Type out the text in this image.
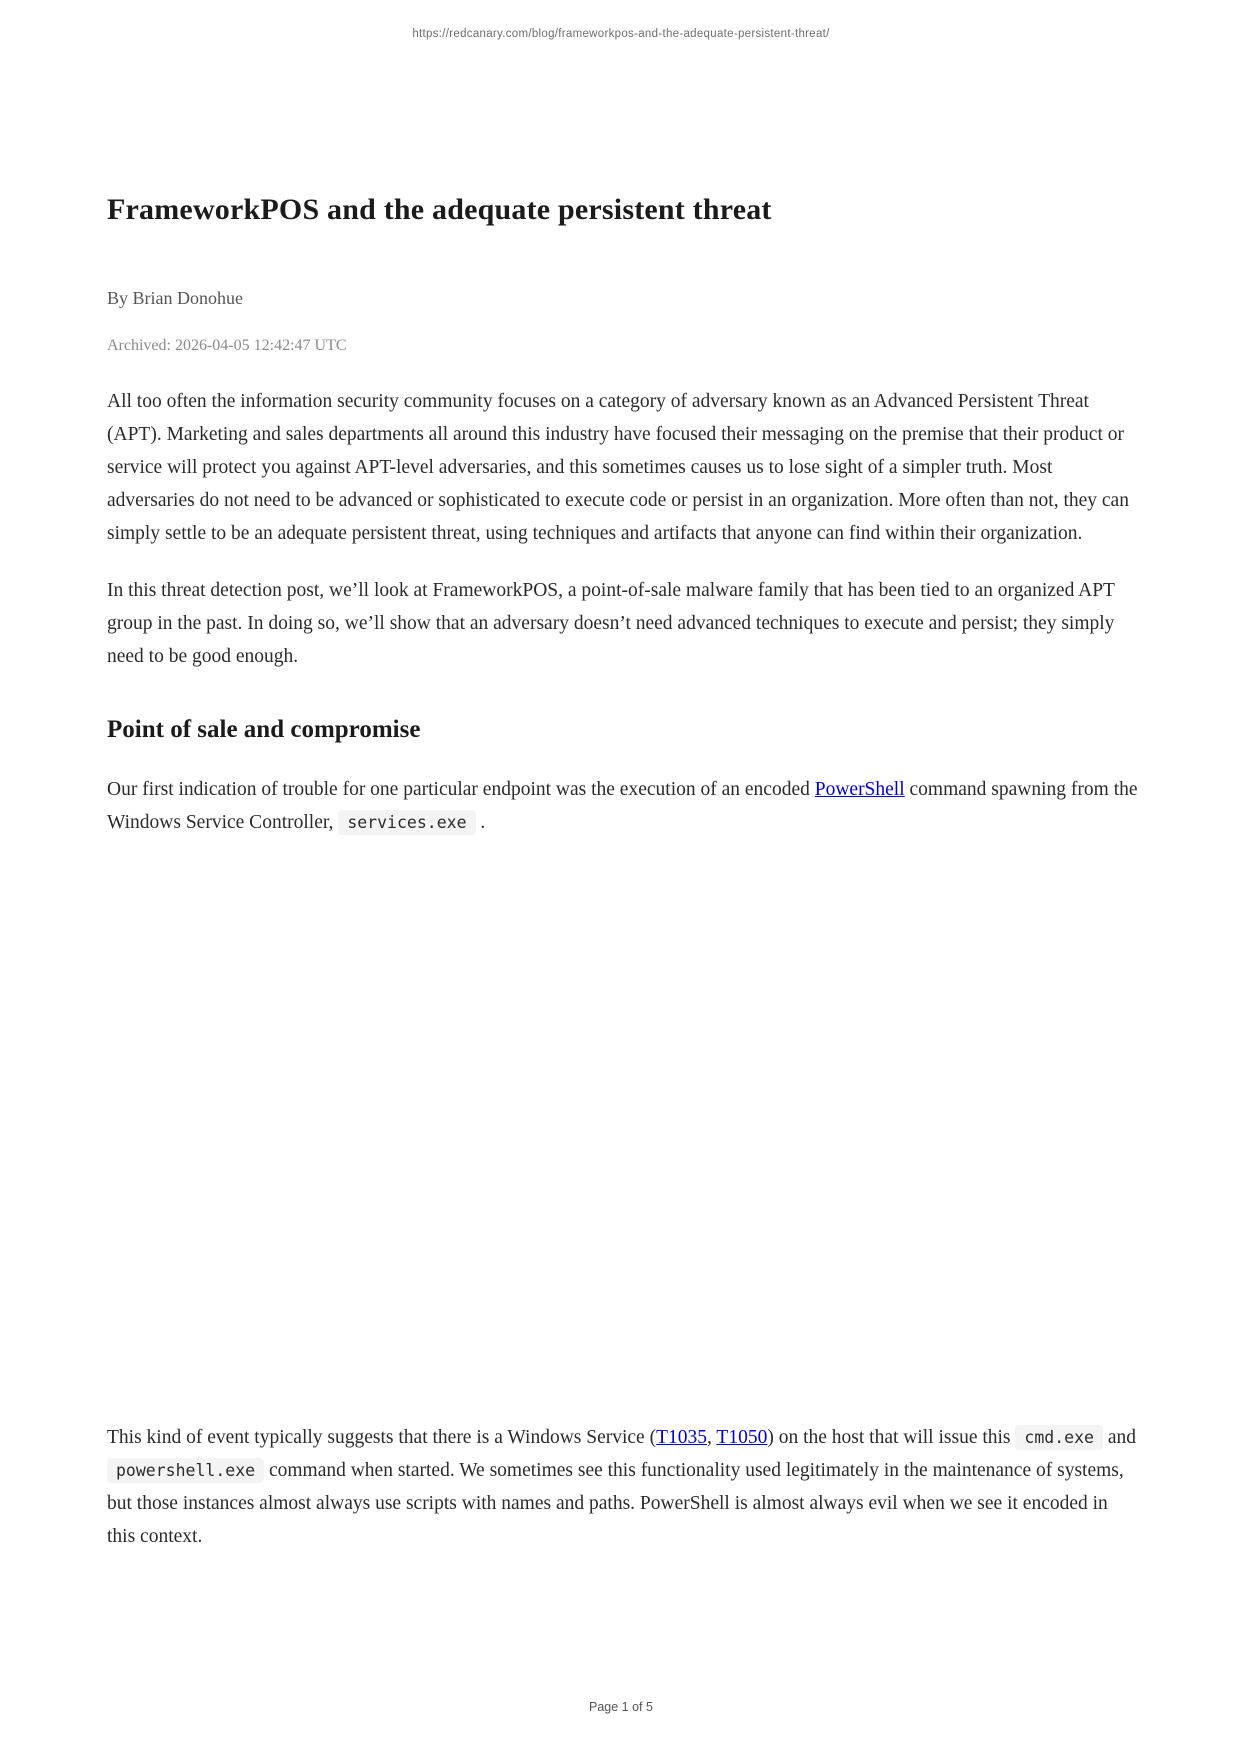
https://redcanary.com/blog/frameworkpos-and-the-adequate-persistent-threat/
FrameworkPOS and the adequate persistent threat
By Brian Donohue
Archived: 2026-04-05 12:42:47 UTC

All too often the information security community focuses on a category of adversary known as an Advanced Persistent Threat (APT). Marketing and sales departments all around this industry have focused their messaging on the premise that their product or service will protect you against APT-level adversaries, and this sometimes causes us to lose sight of a simpler truth. Most adversaries do not need to be advanced or sophisticated to execute code or persist in an organization. More often than not, they can simply settle to be an adequate persistent threat, using techniques and artifacts that anyone can find within their organization.

In this threat detection post, we’ll look at FrameworkPOS, a point-of-sale malware family that has been tied to an organized APT group in the past. In doing so, we’ll show that an adversary doesn’t need advanced techniques to execute and persist; they simply need to be good enough.

Point of sale and compromise

Our first indication of trouble for one particular endpoint was the execution of an encoded PowerShell command spawning from the Windows Service Controller, services.exe .

This kind of event typically suggests that there is a Windows Service (T1035, T1050) on the host that will issue this cmd.exe and powershell.exe command when started. We sometimes see this functionality used legitimately in the maintenance of systems, but those instances almost always use scripts with names and paths. PowerShell is almost always evil when we see it encoded in this context.

Page 1 of 5
